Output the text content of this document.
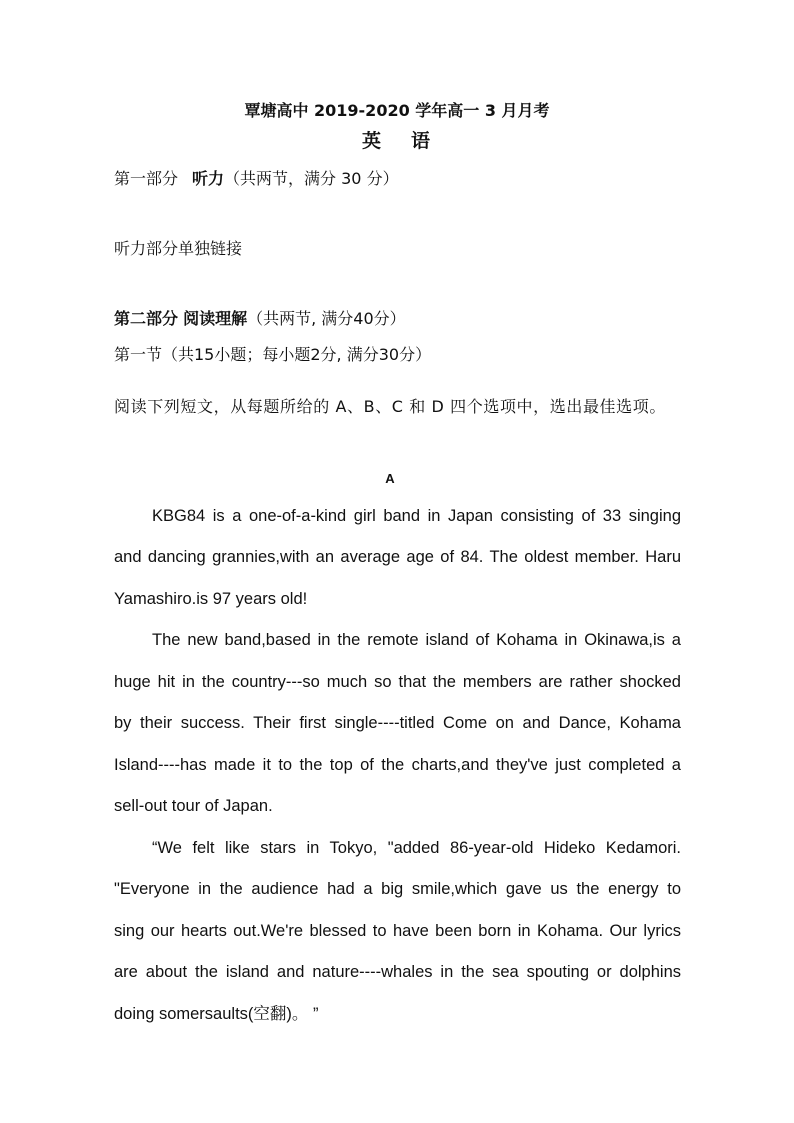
覃塘高中 2019-2020 学年高一 3 月月考
英语
第一部分 听力（共两节，满分 30 分）
听力部分单独链接
第二部分 阅读理解（共两节, 满分40分）
第一节（共15小题；每小题2分, 满分30分）
阅读下列短文，从每题所给的 A、B、C 和 D 四个选项中，选出最佳选项。
A
KBG84 is a one-of-a-kind girl band in Japan consisting of 33 singing
and dancing grannies,with an average age of 84. The oldest member. Haru
Yamashiro.is 97 years old!
The new band,based in the remote island of Kohama in Okinawa,is a
huge hit in the country---so much so that the members are rather shocked
by their success. Their first single----titled Come on and Dance, Kohama
Island----has made it to the top of the charts,and they've just completed a
sell-out tour of Japan.
“We felt like stars in Tokyo, "added 86-year-old Hideko Kedamori.
"Everyone in the audience had a big smile,which gave us the energy to
sing our hearts out.We're blessed to have been born in Kohama. Our lyrics
are about the island and nature----whales in the sea spouting or dolphins
doing somersaults(空翻)。 ”
